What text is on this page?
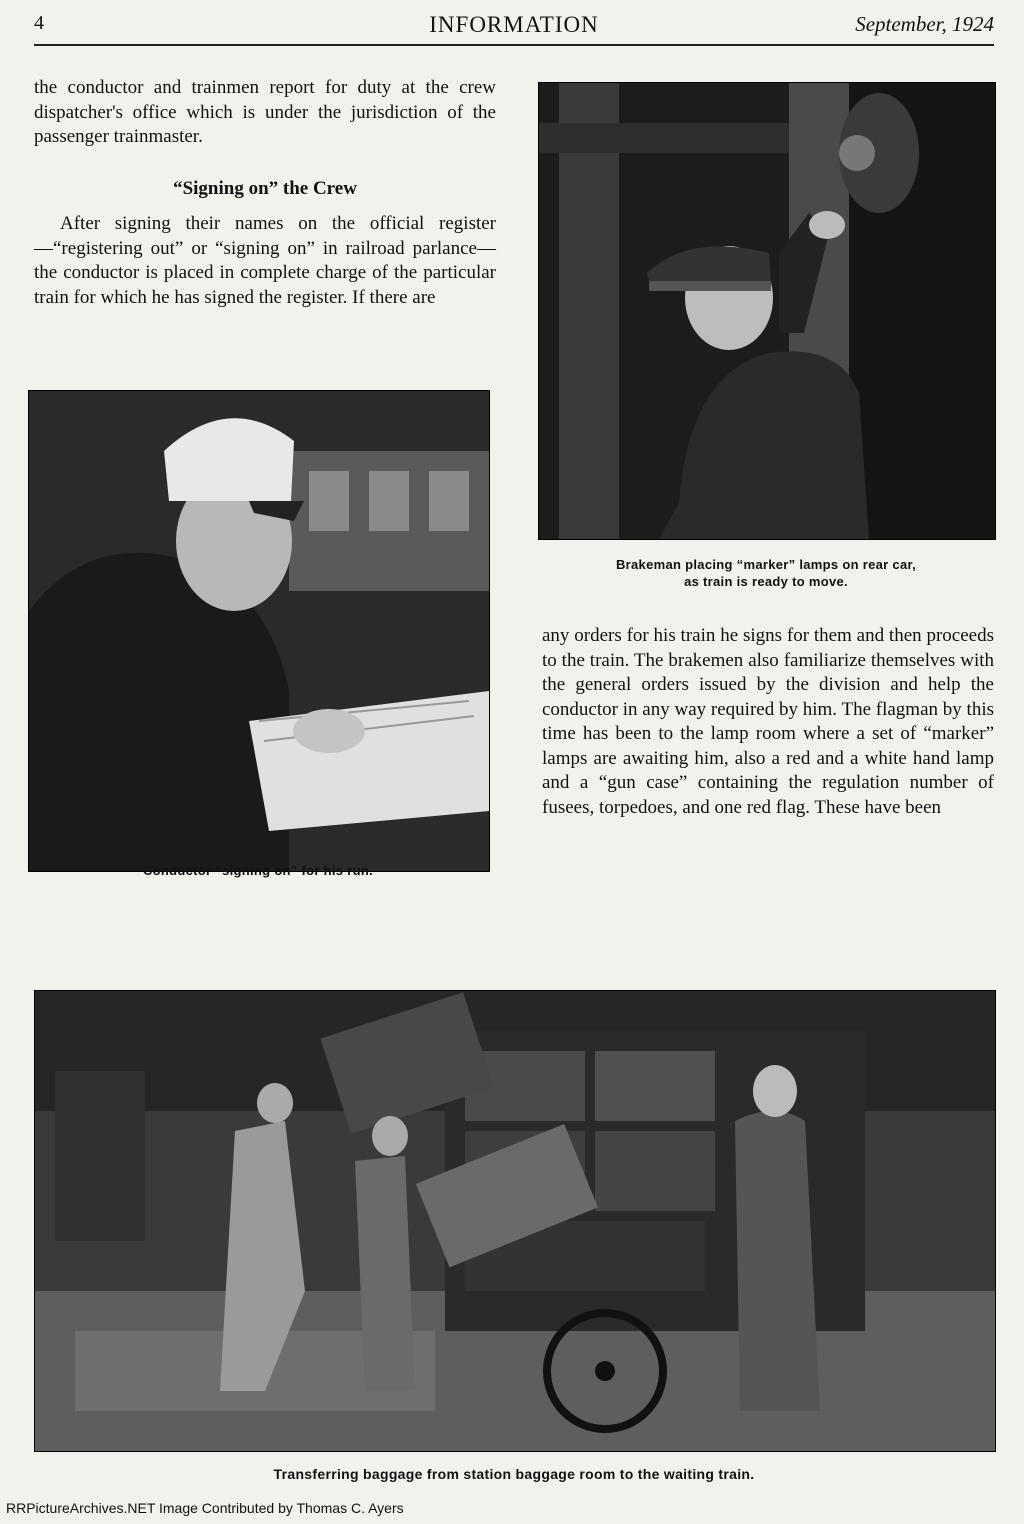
4	INFORMATION	September, 1924

the conductor and trainmen report for duty at the crew dispatcher's office which is under the jurisdiction of the passenger trainmaster.

“Signing on” the Crew

After signing their names on the official register—“registering out” or “signing on” in railroad parlance—the conductor is placed in complete charge of the particular train for which he has signed the register. If there are

Brakeman placing “marker” lamps on rear car,
as train is ready to move.
Conductor “signing on” for his run.

any orders for his train he signs for them and then proceeds to the train. The brakemen also familiarize themselves with the general orders issued by the division and help the conductor in any way required by him. The flagman by this time has been to the lamp room where a set of “marker” lamps are awaiting him, also a red and a white hand lamp and a “gun case” containing the regulation number of fusees, torpedoes, and one red flag. These have been

Transferring baggage from station baggage room to the waiting train.
RRPictureArchives.NET Image Contributed by Thomas C. Ayers
